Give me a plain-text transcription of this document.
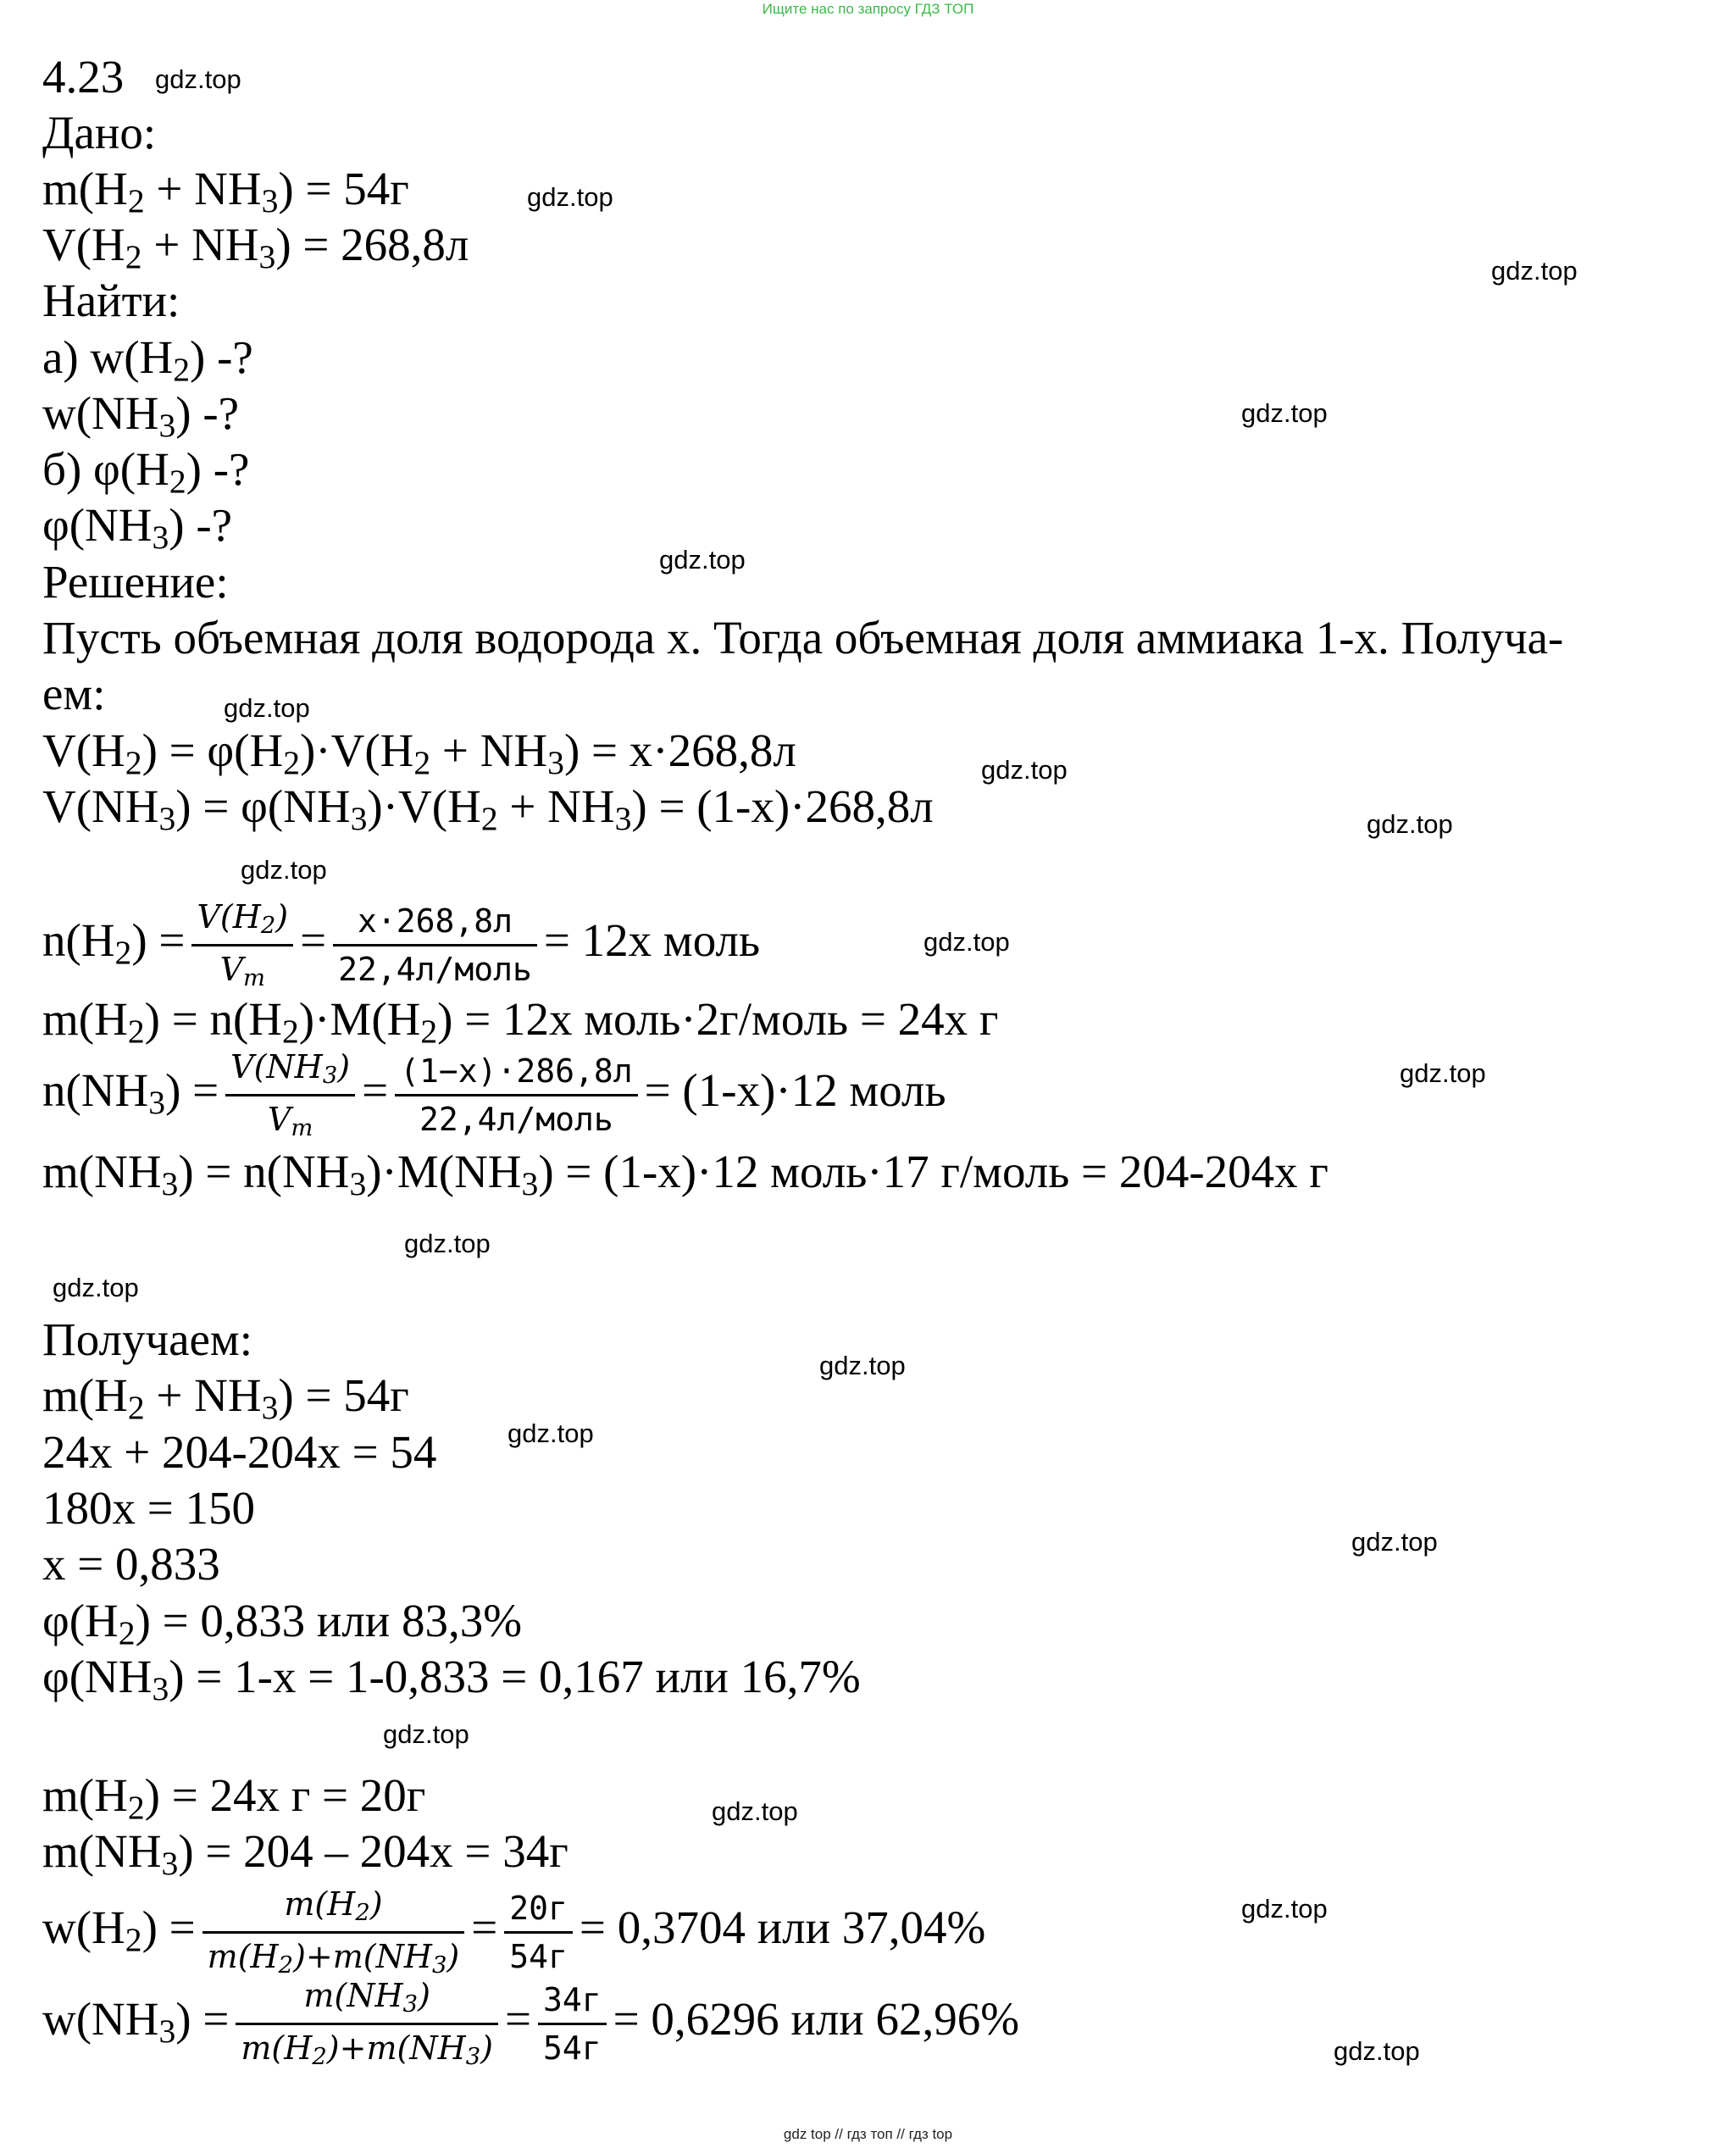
Ищите нас по запросу ГДЗ ТОП
4.23
Дано:
m(H2 + NH3) = 54г
V(H2 + NH3) = 268,8л
Найти:
а) w(H2) -?
w(NH3) -?
б) φ(H2) -?
φ(NH3) -?
Решение:
Пусть объемная доля водорода x. Тогда объемная доля аммиака 1-x. Получа-
ем:
V(H2) = φ(H2)·V(H2 + NH3) = x·268,8л
V(NH3) = φ(NH3)·V(H2 + NH3) = (1-x)·268,8л
$n(H2) = \frac{V(H2)}{Vm} = \frac{x\cdot 268,8л}{\text{22,4л/моль}} = 12x$ моль
m(H2) = n(H2)·M(H2) = 12x моль·2г/моль = 24x г
$n(NH3) = \frac{V(NH3)}{Vm} = \frac{(1-x)\cdot 286,8л}{\text{22,4л/моль}} = (1-x)\cdot 12$ моль
m(NH3) = n(NH3)·M(NH3) = (1-x)·12 моль·17 г/моль = 204-204x г
Получаем:
m(H2 + NH3) = 54г
24x + 204-204x = 54
180x = 150
x = 0,833
φ(H2) = 0,833 или 83,3%
φ(NH3) = 1-x = 1-0,833 = 0,167 или 16,7%
m(H2) = 24x г = 20г
m(NH3) = 204 – 204x = 34г
$w(H2) = \frac{m(H2)}{m(H2)+m(NH3)} = \frac{20г}{54г} = 0,3704$ или 37,04%
$w(NH3) = \frac{m(NH3)}{m(H2)+m(NH3)} = \frac{34г}{54г} = 0,6296$ или 62,96%
gdz.top
gdz.top
gdz.top
gdz.top
gdz.top
gdz.top
gdz.top
gdz.top
gdz.top
gdz.top
gdz.top
gdz.top
gdz.top
gdz.top
gdz.top
gdz.top
gdz.top
gdz.top
gdz.top
gdz.top
gdz top // гдз топ // гдз top
